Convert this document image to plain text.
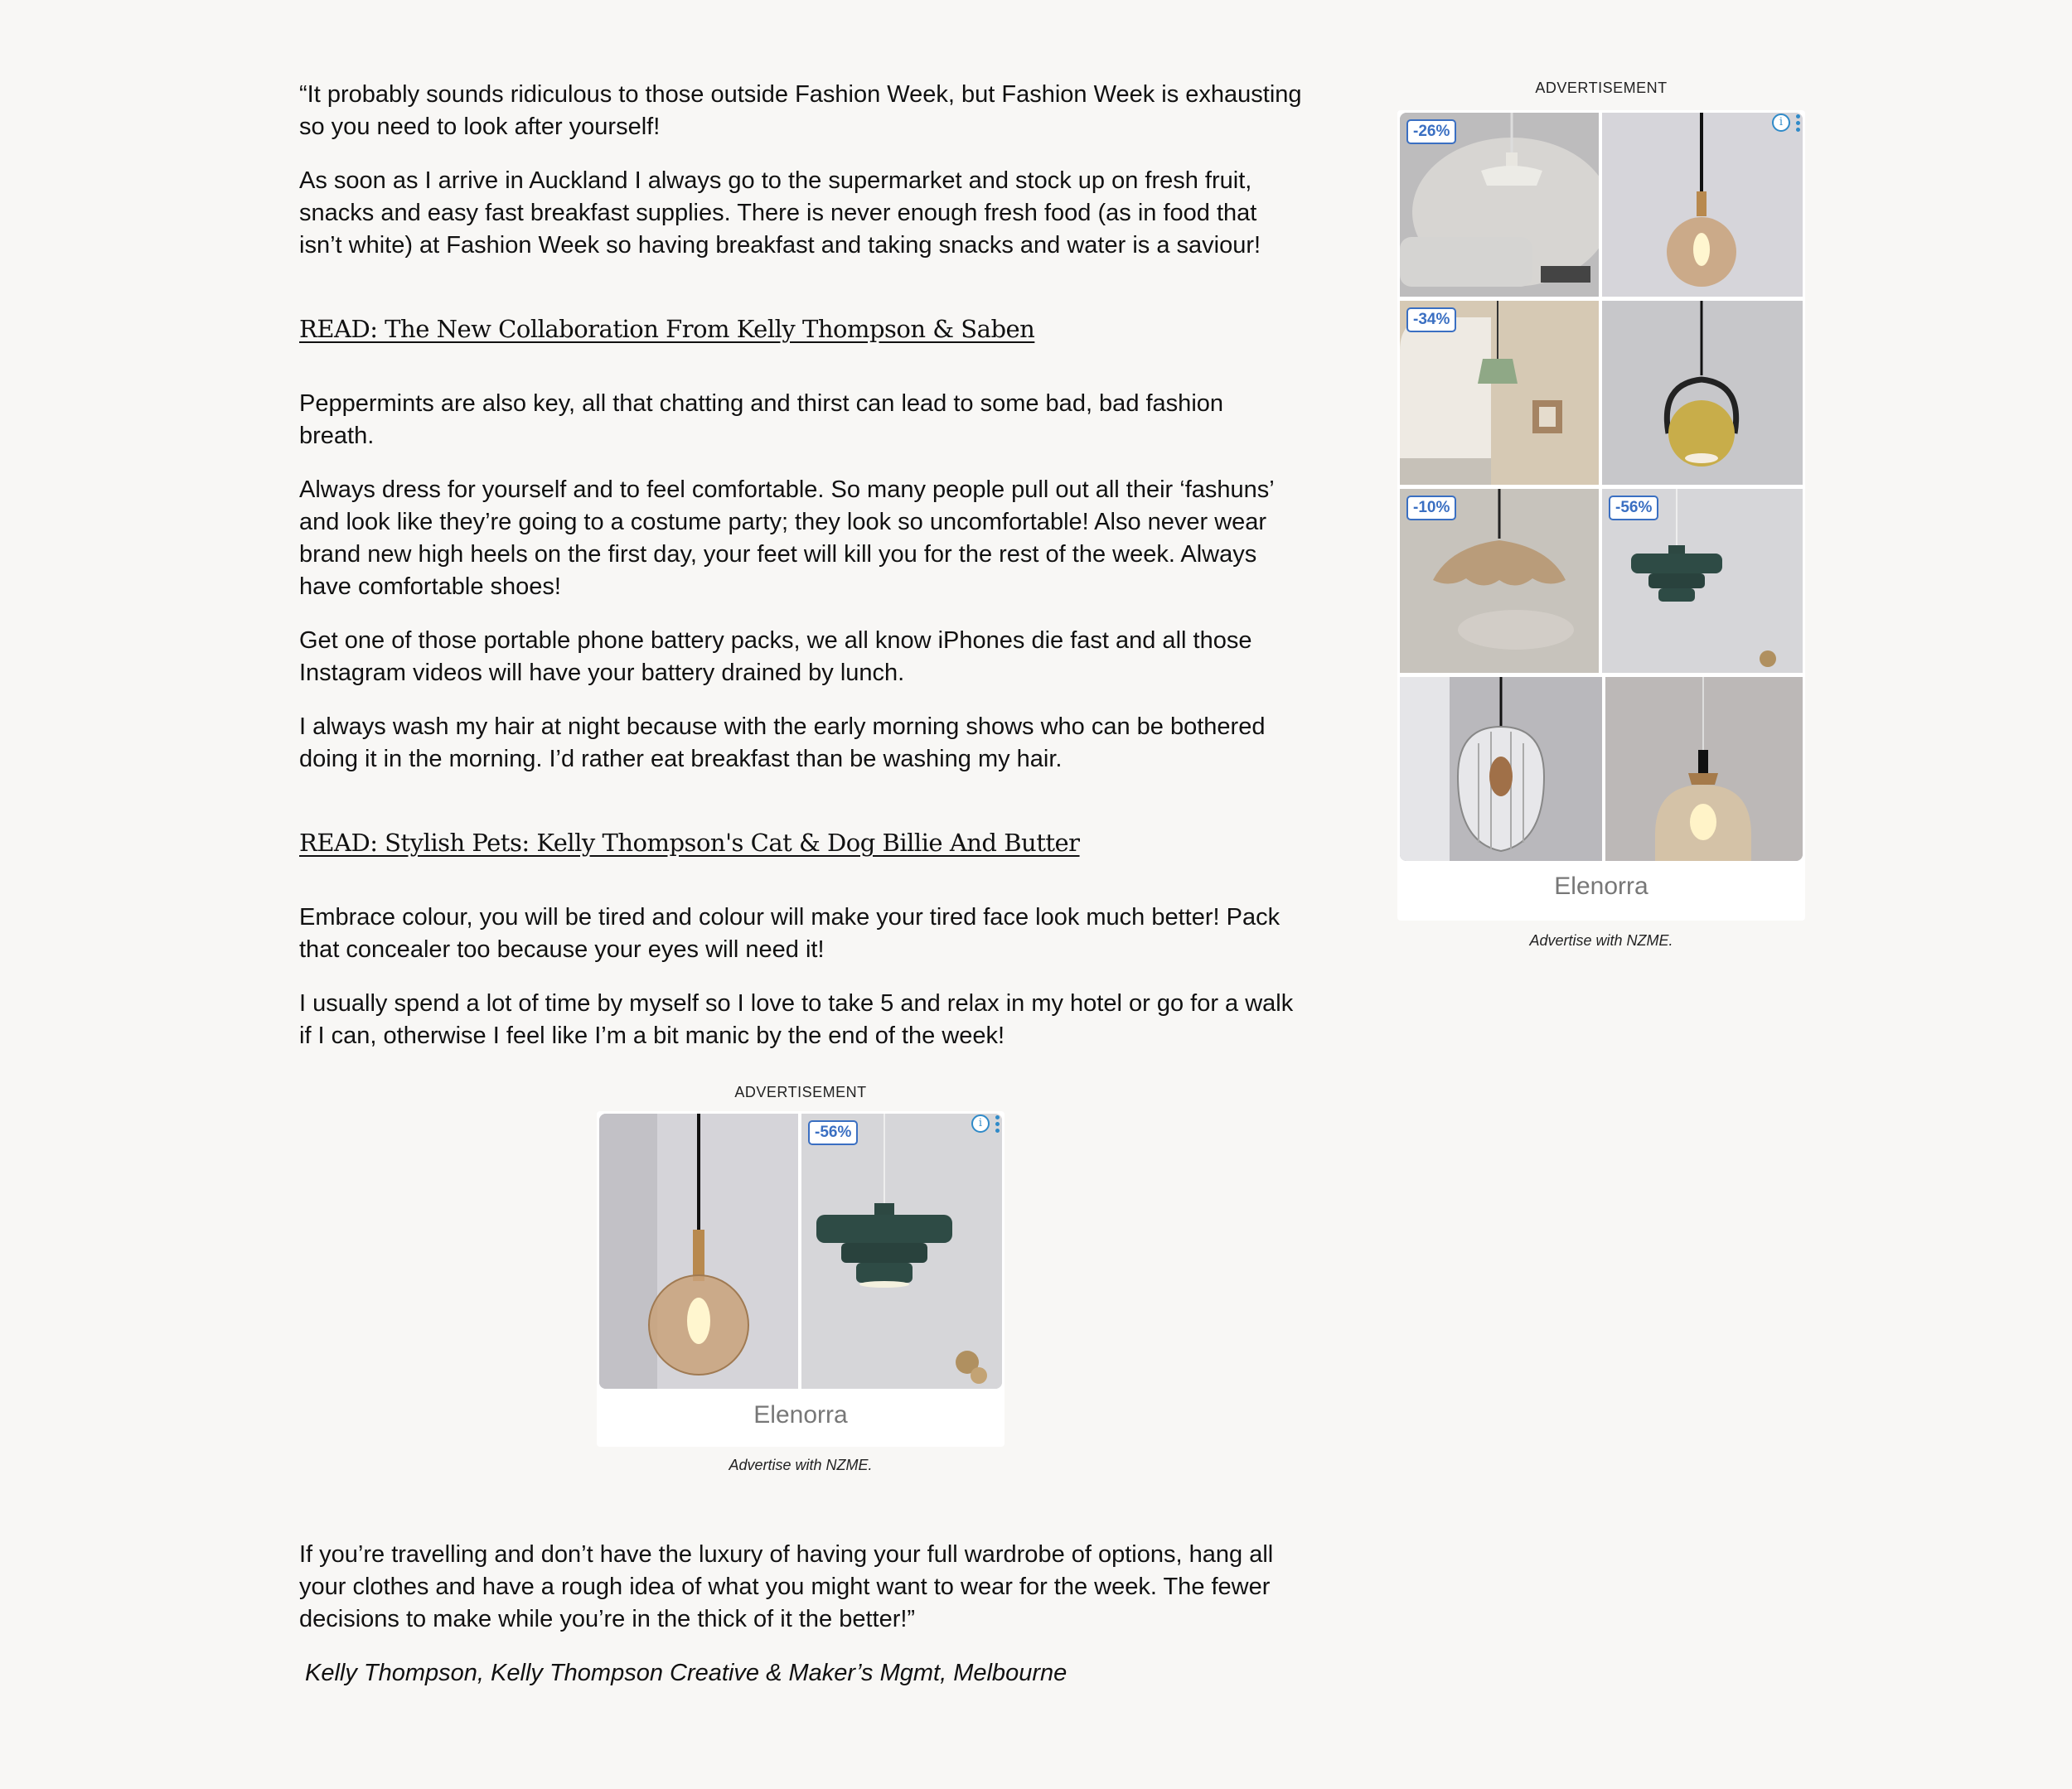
“It probably sounds ridiculous to those outside Fashion Week, but Fashion Week is exhausting so you need to look after yourself!

As soon as I arrive in Auckland I always go to the supermarket and stock up on fresh fruit, snacks and easy fast breakfast supplies. There is never enough fresh food (as in food that isn’t white) at Fashion Week so having breakfast and taking snacks and water is a saviour!

READ: The New Collaboration From Kelly Thompson & Saben

Peppermints are also key, all that chatting and thirst can lead to some bad, bad fashion breath.

Always dress for yourself and to feel comfortable. So many people pull out all their ‘fashuns’ and look like they’re going to a costume party; they look so uncomfortable! Also never wear brand new high heels on the first day, your feet will kill you for the rest of the week. Always have comfortable shoes!

Get one of those portable phone battery packs, we all know iPhones die fast and all those Instagram videos will have your battery drained by lunch.

I always wash my hair at night because with the early morning shows who can be bothered doing it in the morning. I’d rather eat breakfast than be washing my hair.

READ: Stylish Pets: Kelly Thompson's Cat & Dog Billie And Butter

Embrace colour, you will be tired and colour will make your tired face look much better! Pack that concealer too because your eyes will need it!

I usually spend a lot of time by myself so I love to take 5 and relax in my hotel or go for a walk if I can, otherwise I feel like I’m a bit manic by the end of the week!

ADVERTISEMENT
i
-56%
Elenorra
Advertise with NZME.

If you’re travelling and don’t have the luxury of having your full wardrobe of options, hang all your clothes and have a rough idea of what you might want to wear for the week. The fewer decisions to make while you’re in the thick of it the better!”

Kelly Thompson, Kelly Thompson Creative & Maker’s Mgmt, Melbourne

ADVERTISEMENT
i
-26%
-34%
-10%	-56%
Elenorra
Advertise with NZME.
